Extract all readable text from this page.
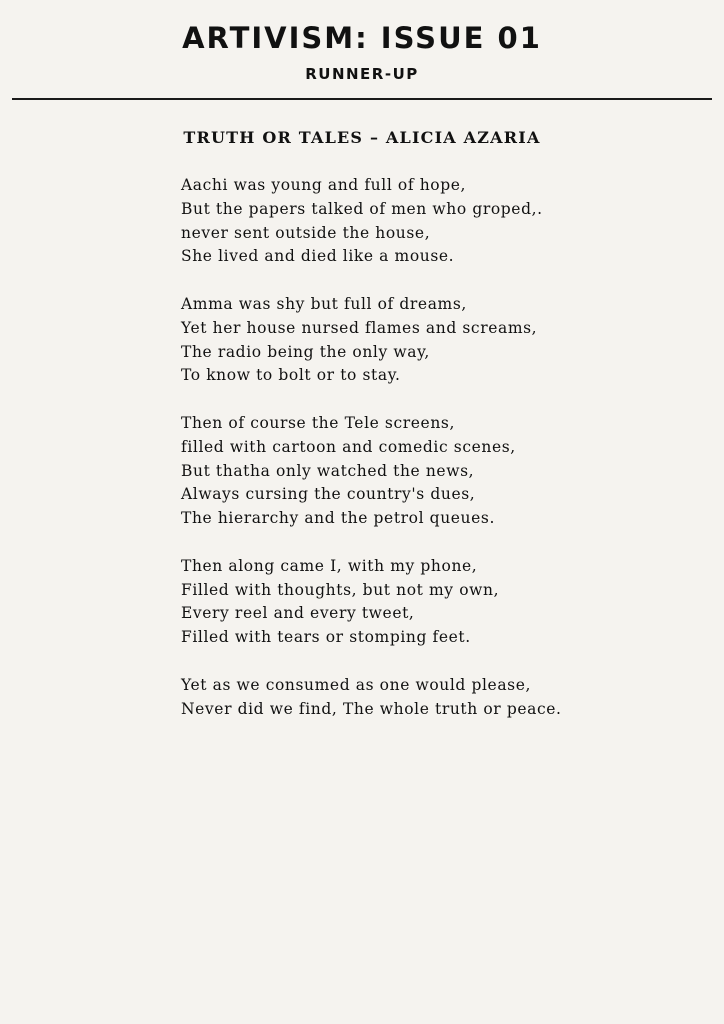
ARTIVISM: ISSUE 01
RUNNER-UP
TRUTH OR TALES – ALICIA AZARIA
Aachi was young and full of hope,
But the papers talked of men who groped,.
never sent outside the house,
She lived and died like a mouse.
Amma was shy but full of dreams,
Yet her house nursed flames and screams,
The radio being the only way,
To know to bolt or to stay.
Then of course the Tele screens,
filled with cartoon and comedic scenes,
But thatha only watched the news,
Always cursing the country's dues,
The hierarchy and the petrol queues.
Then along came I, with my phone,
Filled with thoughts, but not my own,
Every reel and every tweet,
Filled with tears or stomping feet.
Yet as we consumed as one would please,
Never did we find, The whole truth or peace.
